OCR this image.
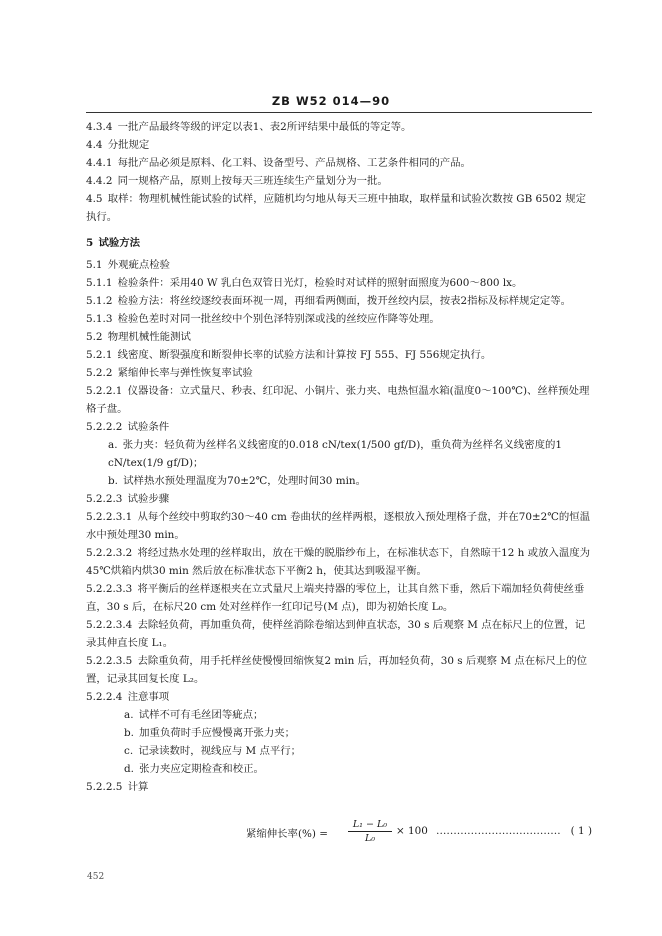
ZB W52 014—90
4.3.4  一批产品最终等级的评定以表1、表2所评结果中最低的等定等。
4.4  分批规定
4.4.1  每批产品必须是原料、化工料、设备型号、产品规格、工艺条件相同的产品。
4.4.2  同一规格产品，原则上按每天三班连续生产量划分为一批。
4.5  取样：物理机械性能试验的试样，应随机均匀地从每天三班中抽取，取样量和试验次数按 GB 6502 规定执行。
5  试验方法
5.1  外观疵点检验
5.1.1  检验条件：采用40 W 乳白色双管日光灯，检验时对试样的照射面照度为600～800 lx。
5.1.2  检验方法：将丝绞逐绞表面环视一周，再细看两侧面，拨开丝绞内层，按表2指标及标样规定定等。
5.1.3  检验色差时对同一批丝绞中个别色泽特别深或浅的丝绞应作降等处理。
5.2  物理机械性能测试
5.2.1  线密度、断裂强度和断裂伸长率的试验方法和计算按 FJ 555、FJ 556规定执行。
5.2.2  紧缩伸长率与弹性恢复率试验
5.2.2.1  仪器设备：立式量尺、秒表、红印泥、小铜片、张力夹、电热恒温水箱(温度0～100℃)、丝样预处理格子盘。
5.2.2.2  试验条件
a.  张力夹：轻负荷为丝样名义线密度的0.018 cN/tex(1/500 gf/D)，重负荷为丝样名义线密度的1 cN/tex(1/9 gf/D)；
b.  试样热水预处理温度为70±2℃，处理时间30 min。
5.2.2.3  试验步骤
5.2.2.3.1  从每个丝绞中剪取约30～40 cm 卷曲状的丝样两根，逐根放入预处理格子盘，并在70±2℃的恒温水中预处理30 min。
5.2.2.3.2  将经过热水处理的丝样取出，放在干燥的脱脂纱布上，在标准状态下，自然晾干12 h 或放入温度为45℃烘箱内烘30 min 然后放在标准状态下平衡2 h，使其达到吸湿平衡。
5.2.2.3.3  将平衡后的丝样逐根夹在立式量尺上端夹持器的零位上，让其自然下垂，然后下端加轻负荷使丝垂直，30 s 后，在标尺20 cm 处对丝样作一红印记号(M 点)，即为初始长度 L₀。
5.2.2.3.4  去除轻负荷，再加重负荷，使样丝消除卷缩达到伸直状态，30 s 后观察 M 点在标尺上的位置，记录其伸直长度 L₁。
5.2.2.3.5  去除重负荷，用手托样丝使慢慢回缩恢复2 min 后，再加轻负荷，30 s 后观察 M 点在标尺上的位置，记录其回复长度 L₂。
5.2.2.4  注意事项
a.  试样不可有毛丝团等疵点；
b.  加重负荷时手应慢慢离开张力夹；
c.  记录读数时，视线应与 M 点平行；
d.  张力夹应定期检查和校正。
5.2.2.5  计算
紧缩伸长率(%) = $\frac{\text{L₁ − L₀}}{\text{L₀}} \times 100$ ……………………………… ( 1 )
452
